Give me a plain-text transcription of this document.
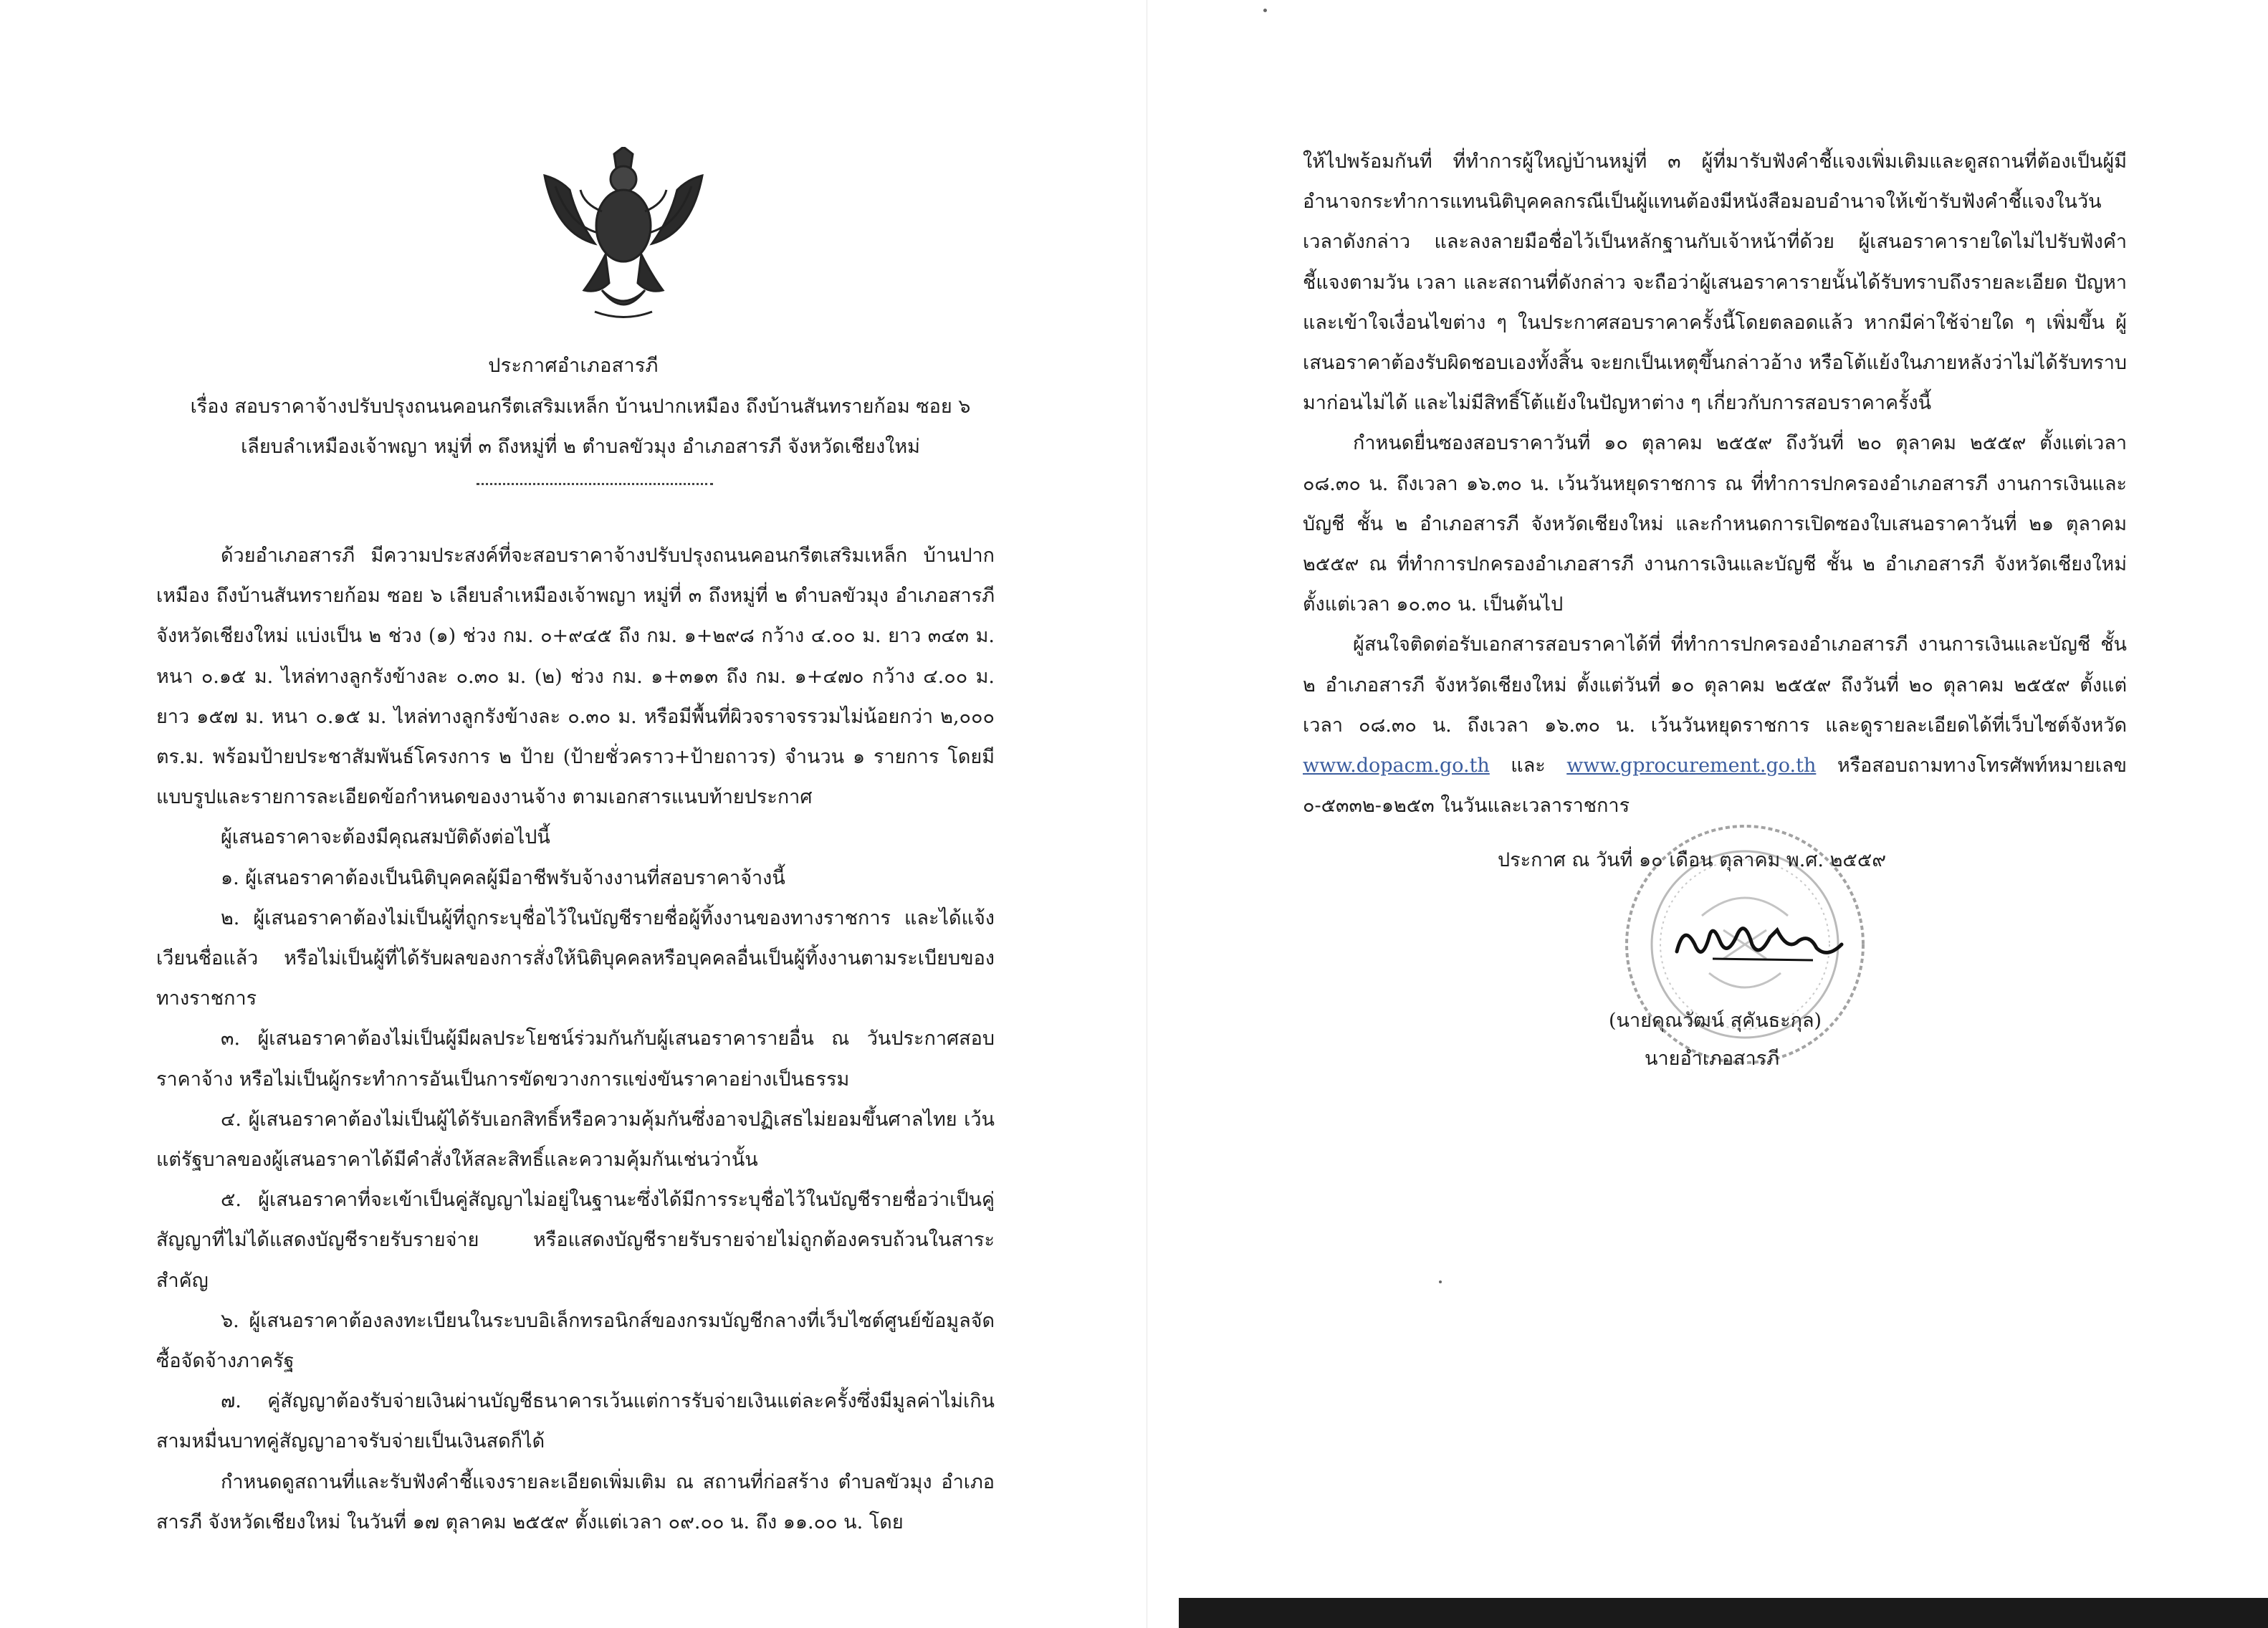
ประกาศอำเภอสารภี
เรื่อง สอบราคาจ้างปรับปรุงถนนคอนกรีตเสริมเหล็ก บ้านปากเหมือง ถึงบ้านสันทรายก้อม ซอย ๖
เลียบลำเหมืองเจ้าพญา หมู่ที่ ๓ ถึงหมู่ที่ ๒ ตำบลขัวมุง อำเภอสารภี จังหวัดเชียงใหม่

ด้วยอำเภอสารภี มีความประสงค์ที่จะสอบราคาจ้างปรับปรุงถนนคอนกรีตเสริมเหล็ก บ้านปากเหมือง ถึงบ้านสันทรายก้อม ซอย ๖ เลียบลำเหมืองเจ้าพญา หมู่ที่ ๓ ถึงหมู่ที่ ๒ ตำบลขัวมุง อำเภอสารภี จังหวัดเชียงใหม่ แบ่งเป็น ๒ ช่วง (๑) ช่วง กม. ๐+๙๔๕ ถึง กม. ๑+๒๙๘ กว้าง ๔.๐๐ ม. ยาว ๓๔๓ ม. หนา ๐.๑๕ ม. ไหล่ทางลูกรังข้างละ ๐.๓๐ ม. (๒) ช่วง กม. ๑+๓๑๓ ถึง กม. ๑+๔๗๐ กว้าง ๔.๐๐ ม. ยาว ๑๕๗ ม. หนา ๐.๑๕ ม. ไหล่ทางลูกรังข้างละ ๐.๓๐ ม. หรือมีพื้นที่ผิวจราจรรวมไม่น้อยกว่า ๒,๐๐๐ ตร.ม. พร้อมป้ายประชาสัมพันธ์โครงการ ๒ ป้าย (ป้ายชั่วคราว+ป้ายถาวร) จำนวน ๑ รายการ โดยมีแบบรูปและรายการละเอียดข้อกำหนดของงานจ้าง ตามเอกสารแนบท้ายประกาศ

ผู้เสนอราคาจะต้องมีคุณสมบัติดังต่อไปนี้

๑. ผู้เสนอราคาต้องเป็นนิติบุคคลผู้มีอาชีพรับจ้างงานที่สอบราคาจ้างนี้

๒. ผู้เสนอราคาต้องไม่เป็นผู้ที่ถูกระบุชื่อไว้ในบัญชีรายชื่อผู้ทิ้งงานของทางราชการ และได้แจ้งเวียนชื่อแล้ว หรือไม่เป็นผู้ที่ได้รับผลของการสั่งให้นิติบุคคลหรือบุคคลอื่นเป็นผู้ทิ้งงานตามระเบียบของทางราชการ

๓. ผู้เสนอราคาต้องไม่เป็นผู้มีผลประโยชน์ร่วมกันกับผู้เสนอราคารายอื่น ณ วันประกาศสอบราคาจ้าง หรือไม่เป็นผู้กระทำการอันเป็นการขัดขวางการแข่งขันราคาอย่างเป็นธรรม

๔. ผู้เสนอราคาต้องไม่เป็นผู้ได้รับเอกสิทธิ์หรือความคุ้มกันซึ่งอาจปฏิเสธไม่ยอมขึ้นศาลไทย เว้นแต่รัฐบาลของผู้เสนอราคาได้มีคำสั่งให้สละสิทธิ์และความคุ้มกันเช่นว่านั้น

๕. ผู้เสนอราคาที่จะเข้าเป็นคู่สัญญาไม่อยู่ในฐานะซึ่งได้มีการระบุชื่อไว้ในบัญชีรายชื่อว่าเป็นคู่สัญญาที่ไม่ได้แสดงบัญชีรายรับรายจ่าย หรือแสดงบัญชีรายรับรายจ่ายไม่ถูกต้องครบถ้วนในสาระสำคัญ

๖. ผู้เสนอราคาต้องลงทะเบียนในระบบอิเล็กทรอนิกส์ของกรมบัญชีกลางที่เว็บไซต์ศูนย์ข้อมูลจัดซื้อจัดจ้างภาครัฐ

๗. คู่สัญญาต้องรับจ่ายเงินผ่านบัญชีธนาคารเว้นแต่การรับจ่ายเงินแต่ละครั้งซึ่งมีมูลค่าไม่เกินสามหมื่นบาทคู่สัญญาอาจรับจ่ายเป็นเงินสดก็ได้

กำหนดดูสถานที่และรับฟังคำชี้แจงรายละเอียดเพิ่มเติม ณ สถานที่ก่อสร้าง ตำบลขัวมุง อำเภอสารภี จังหวัดเชียงใหม่ ในวันที่ ๑๗ ตุลาคม ๒๕๕๙ ตั้งแต่เวลา ๐๙.๐๐ น. ถึง ๑๑.๐๐ น. โดย

ให้ไปพร้อมกันที่ ที่ทำการผู้ใหญ่บ้านหมู่ที่ ๓ ผู้ที่มารับฟังคำชี้แจงเพิ่มเติมและดูสถานที่ต้องเป็นผู้มีอำนาจกระทำการแทนนิติบุคคลกรณีเป็นผู้แทนต้องมีหนังสือมอบอำนาจให้เข้ารับฟังคำชี้แจงในวันเวลาดังกล่าว และลงลายมือชื่อไว้เป็นหลักฐานกับเจ้าหน้าที่ด้วย ผู้เสนอราคารายใดไม่ไปรับฟังคำชี้แจงตามวัน เวลา และสถานที่ดังกล่าว จะถือว่าผู้เสนอราคารายนั้นได้รับทราบถึงรายละเอียด ปัญหาและเข้าใจเงื่อนไขต่าง ๆ ในประกาศสอบราคาครั้งนี้โดยตลอดแล้ว หากมีค่าใช้จ่ายใด ๆ เพิ่มขึ้น ผู้เสนอราคาต้องรับผิดชอบเองทั้งสิ้น จะยกเป็นเหตุขึ้นกล่าวอ้าง หรือโต้แย้งในภายหลังว่าไม่ได้รับทราบมาก่อนไม่ได้ และไม่มีสิทธิ์โต้แย้งในปัญหาต่าง ๆ เกี่ยวกับการสอบราคาครั้งนี้

กำหนดยื่นซองสอบราคาวันที่ ๑๐ ตุลาคม ๒๕๕๙ ถึงวันที่ ๒๐ ตุลาคม ๒๕๕๙ ตั้งแต่เวลา ๐๘.๓๐ น. ถึงเวลา ๑๖.๓๐ น. เว้นวันหยุดราชการ ณ ที่ทำการปกครองอำเภอสารภี งานการเงินและบัญชี ชั้น ๒ อำเภอสารภี จังหวัดเชียงใหม่ และกำหนดการเปิดซองใบเสนอราคาวันที่ ๒๑ ตุลาคม ๒๕๕๙ ณ ที่ทำการปกครองอำเภอสารภี งานการเงินและบัญชี ชั้น ๒ อำเภอสารภี จังหวัดเชียงใหม่ ตั้งแต่เวลา ๑๐.๓๐ น. เป็นต้นไป

ผู้สนใจติดต่อรับเอกสารสอบราคาได้ที่ ที่ทำการปกครองอำเภอสารภี งานการเงินและบัญชี ชั้น ๒ อำเภอสารภี จังหวัดเชียงใหม่ ตั้งแต่วันที่ ๑๐ ตุลาคม ๒๕๕๙ ถึงวันที่ ๒๐ ตุลาคม ๒๕๕๙ ตั้งแต่เวลา ๐๘.๓๐ น. ถึงเวลา ๑๖.๓๐ น. เว้นวันหยุดราชการ และดูรายละเอียดได้ที่เว็บไซต์จังหวัด www.dopacm.go.th และ www.gprocurement.go.th หรือสอบถามทางโทรศัพท์หมายเลข ๐-๕๓๓๒-๑๒๕๓ ในวันและเวลาราชการ

ประกาศ ณ วันที่ ๑๐ เดือน ตุลาคม พ.ศ. ๒๕๕๙
(นายคุณวัฒน์ สุคันธะกุล)
นายอำเภอสารภี
